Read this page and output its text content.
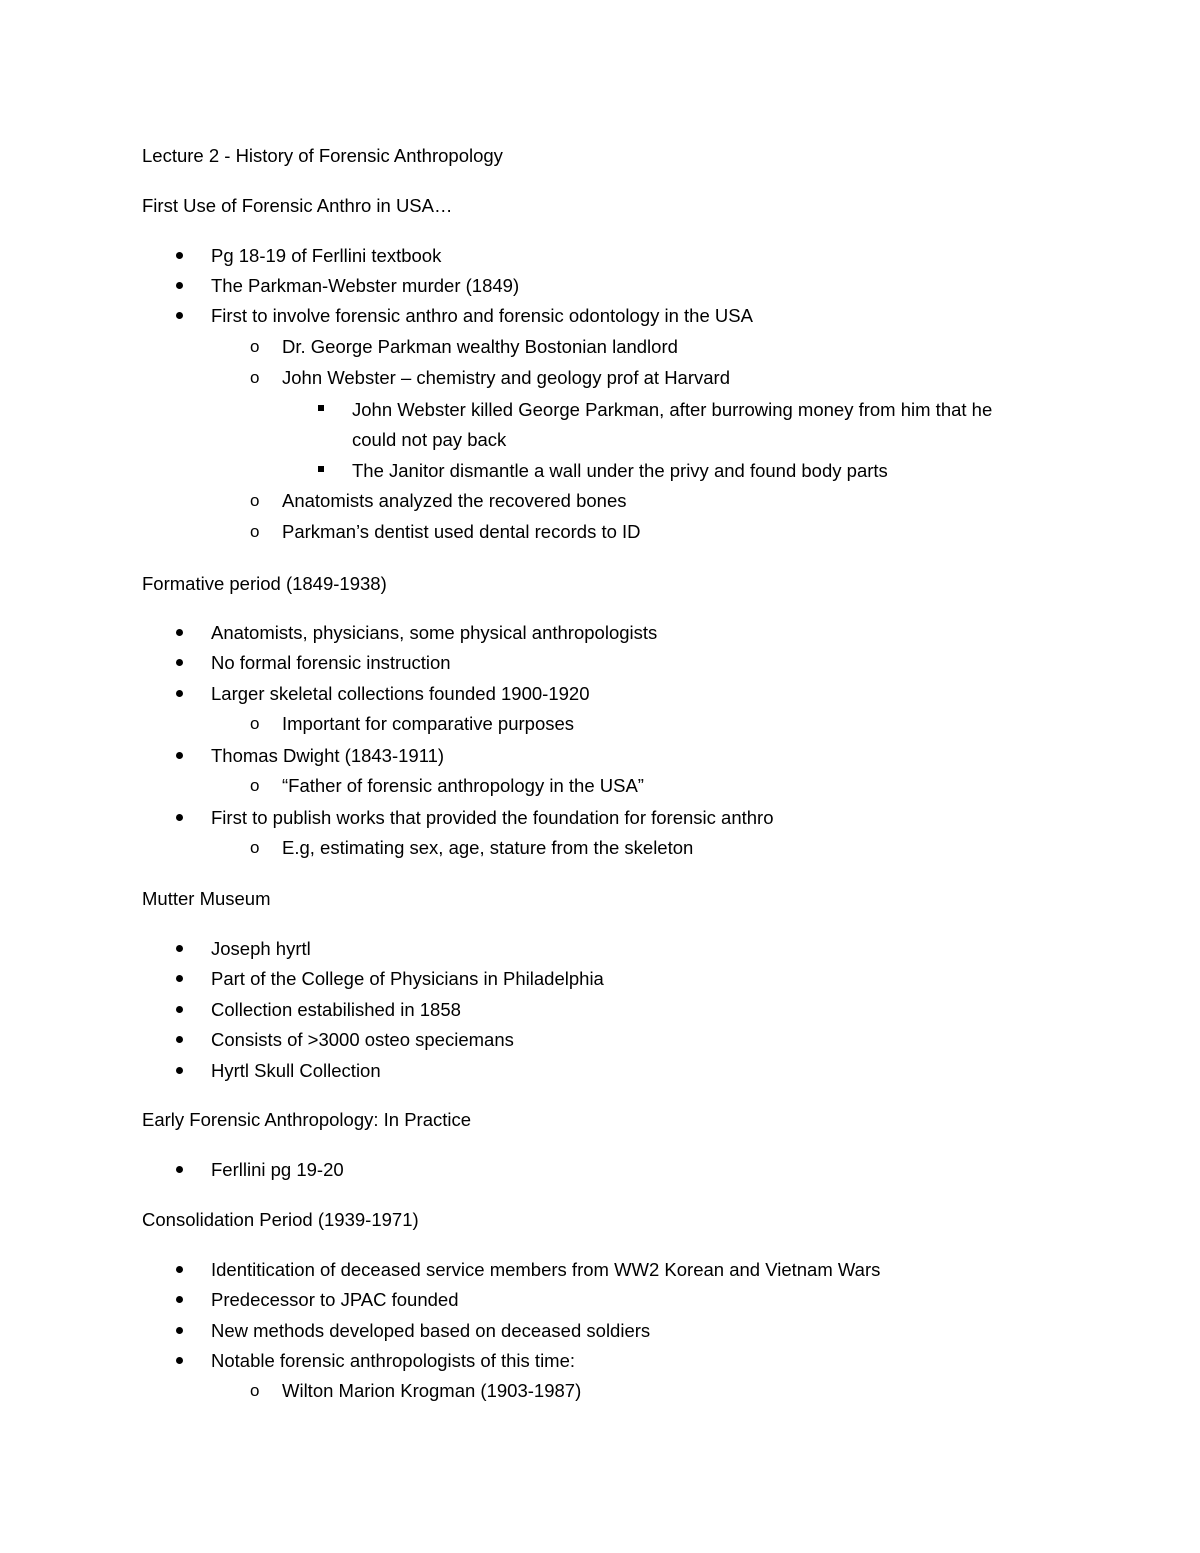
Lecture 2 - History of Forensic Anthropology
First Use of Forensic Anthro in USA…
Pg 18-19 of Ferllini textbook
The Parkman-Webster murder (1849)
First to involve forensic anthro and forensic odontology in the USA
o Dr. George Parkman wealthy Bostonian landlord
o John Webster – chemistry and geology prof at Harvard
John Webster killed George Parkman, after burrowing money from him that he
could not pay back
The Janitor dismantle a wall under the privy and found body parts
o Anatomists analyzed the recovered bones
o Parkman’s dentist used dental records to ID
Formative period (1849-1938)
Anatomists, physicians, some physical anthropologists
No formal forensic instruction
Larger skeletal collections founded 1900-1920
o Important for comparative purposes
Thomas Dwight (1843-1911)
o “Father of forensic anthropology in the USA”
First to publish works that provided the foundation for forensic anthro
o E.g, estimating sex, age, stature from the skeleton
Mutter Museum
Joseph hyrtl
Part of the College of Physicians in Philadelphia
Collection estabilished in 1858
Consists of >3000 osteo speciemans
Hyrtl Skull Collection
Early Forensic Anthropology: In Practice
Ferllini pg 19-20
Consolidation Period (1939-1971)
Identitication of deceased service members from WW2 Korean and Vietnam Wars
Predecessor to JPAC founded
New methods developed based on deceased soldiers
Notable forensic anthropologists of this time:
o Wilton Marion Krogman (1903-1987)
